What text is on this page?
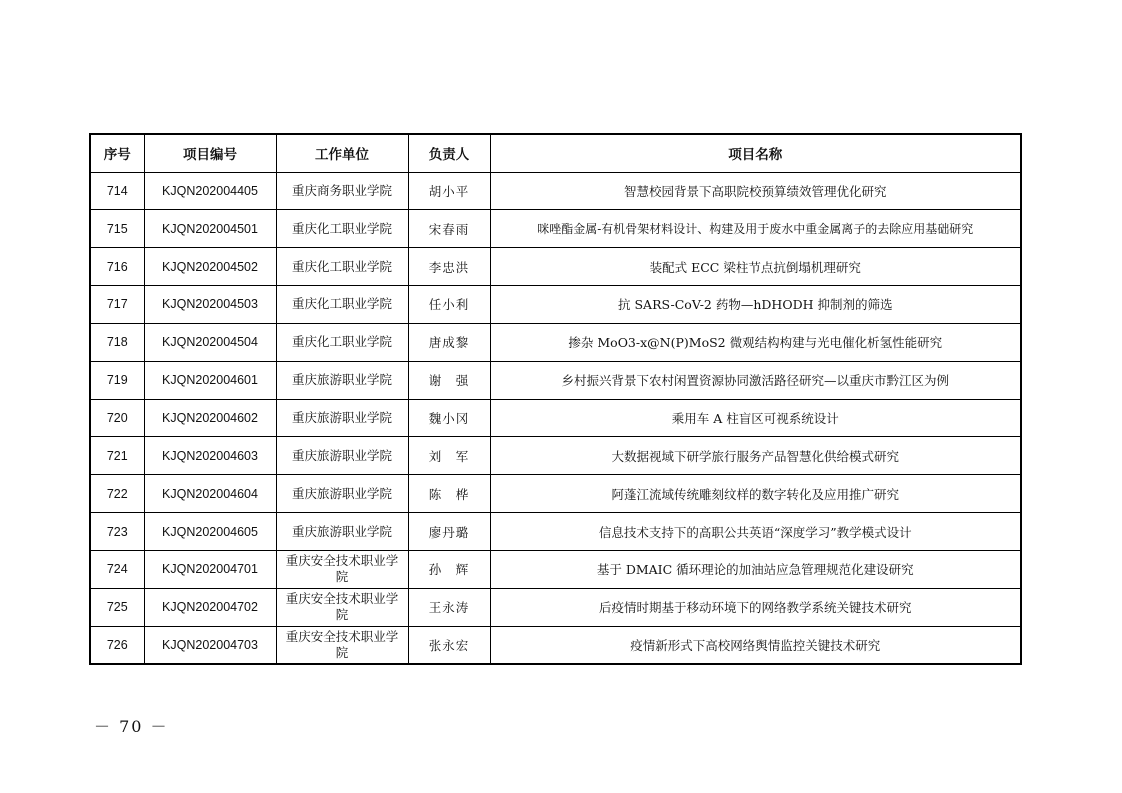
序号	项目编号	工作单位	负责人	项目名称
714	KJQN202004405	重庆商务职业学院	胡小平	智慧校园背景下高职院校预算绩效管理优化研究
715	KJQN202004501	重庆化工职业学院	宋春雨	咪唑酯金属-有机骨架材料设计、构建及用于废水中重金属离子的去除应用基础研究
716	KJQN202004502	重庆化工职业学院	李忠洪	装配式 ECC 梁柱节点抗倒塌机理研究
717	KJQN202004503	重庆化工职业学院	任小利	抗 SARS-CoV-2 药物—hDHODH 抑制剂的筛选
718	KJQN202004504	重庆化工职业学院	唐成黎	掺杂 MoO3-x@N(P)MoS2 微观结构构建与光电催化析氢性能研究
719	KJQN202004601	重庆旅游职业学院	谢　强	乡村振兴背景下农村闲置资源协同激活路径研究—以重庆市黔江区为例
720	KJQN202004602	重庆旅游职业学院	魏小冈	乘用车 A 柱盲区可视系统设计
721	KJQN202004603	重庆旅游职业学院	刘　军	大数据视域下研学旅行服务产品智慧化供给模式研究
722	KJQN202004604	重庆旅游职业学院	陈　桦	阿蓬江流域传统雕刻纹样的数字转化及应用推广研究
723	KJQN202004605	重庆旅游职业学院	廖丹璐	信息技术支持下的高职公共英语“深度学习”教学模式设计
724	KJQN202004701	重庆安全技术职业学院	孙　辉	基于 DMAIC 循环理论的加油站应急管理规范化建设研究
725	KJQN202004702	重庆安全技术职业学院	王永涛	后疫情时期基于移动环境下的网络教学系统关键技术研究
726	KJQN202004703	重庆安全技术职业学院	张永宏	疫情新形式下高校网络舆情监控关键技术研究
－ 70 －
